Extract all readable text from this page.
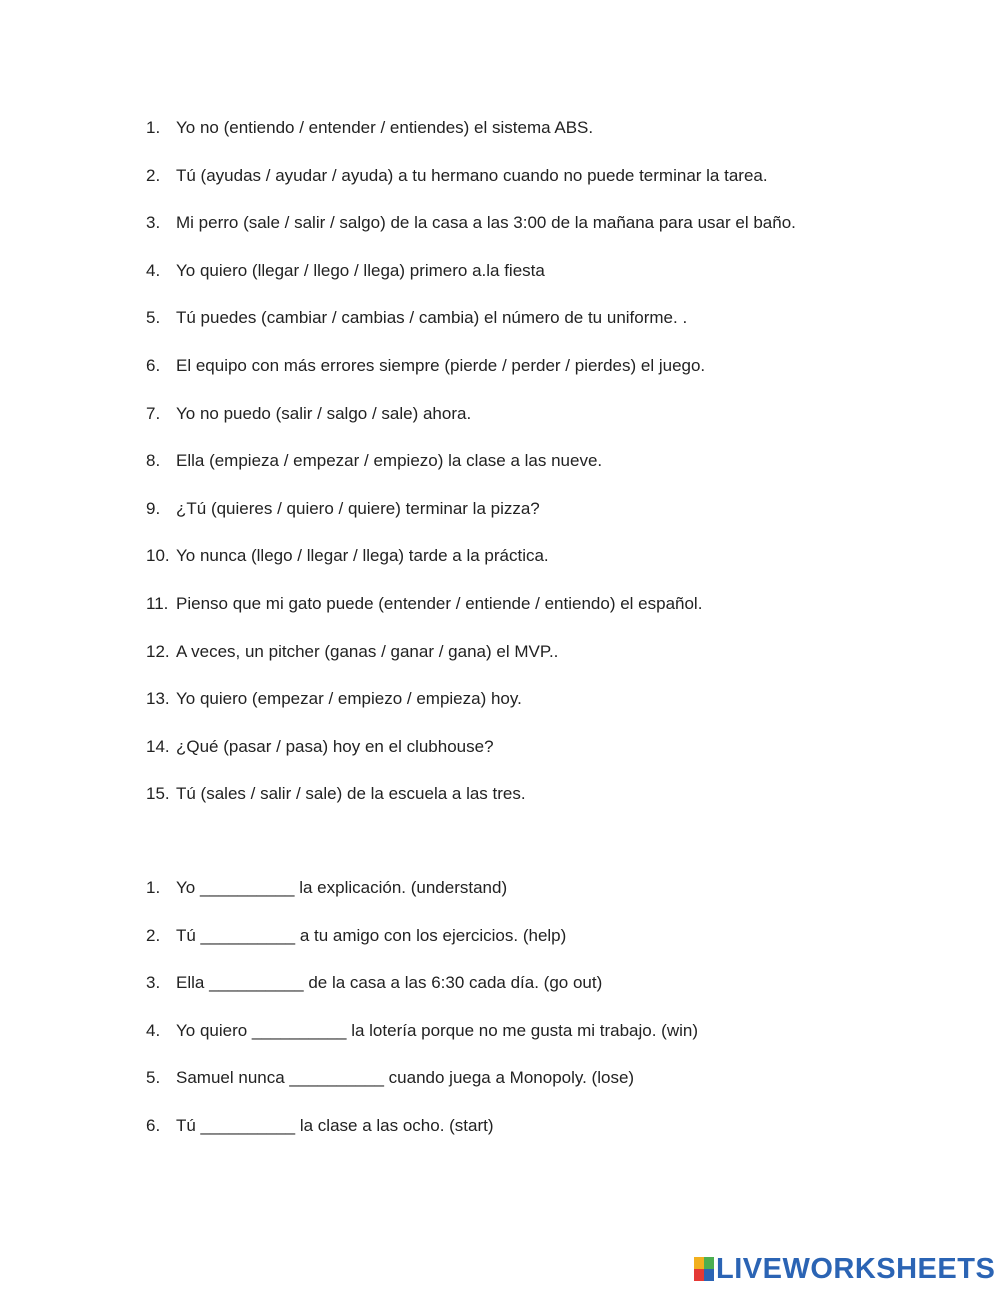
1. Yo no (entiendo / entender / entiendes) el sistema ABS.
2. Tú (ayudas / ayudar / ayuda) a tu hermano cuando no puede terminar la tarea.
3. Mi perro (sale / salir / salgo) de la casa a las 3:00 de la mañana para usar el baño.
4. Yo quiero (llegar / llego / llega) primero a.la fiesta
5. Tú puedes (cambiar / cambias / cambia) el número de tu uniforme. .
6. El equipo con más errores siempre (pierde / perder / pierdes) el juego.
7. Yo no puedo (salir / salgo / sale) ahora.
8. Ella (empieza / empezar / empiezo) la clase a las nueve.
9. ¿Tú (quieres / quiero / quiere) terminar la pizza?
10. Yo nunca (llego / llegar / llega) tarde a la práctica.
11. Pienso que mi gato puede (entender / entiende / entiendo) el español.
12. A veces, un pitcher (ganas / ganar / gana) el MVP..
13. Yo quiero (empezar / empiezo / empieza) hoy.
14. ¿Qué (pasar / pasa) hoy en el clubhouse?
15. Tú (sales / salir / sale) de la escuela a las tres.
1. Yo __________ la explicación. (understand)
2. Tú __________ a tu amigo con los ejercicios. (help)
3. Ella __________ de la casa a las 6:30 cada día. (go out)
4. Yo quiero __________ la lotería porque no me gusta mi trabajo. (win)
5. Samuel nunca __________ cuando juega a Monopoly. (lose)
6. Tú __________ la clase a las ocho. (start)
LIVEWORKSHEETS
